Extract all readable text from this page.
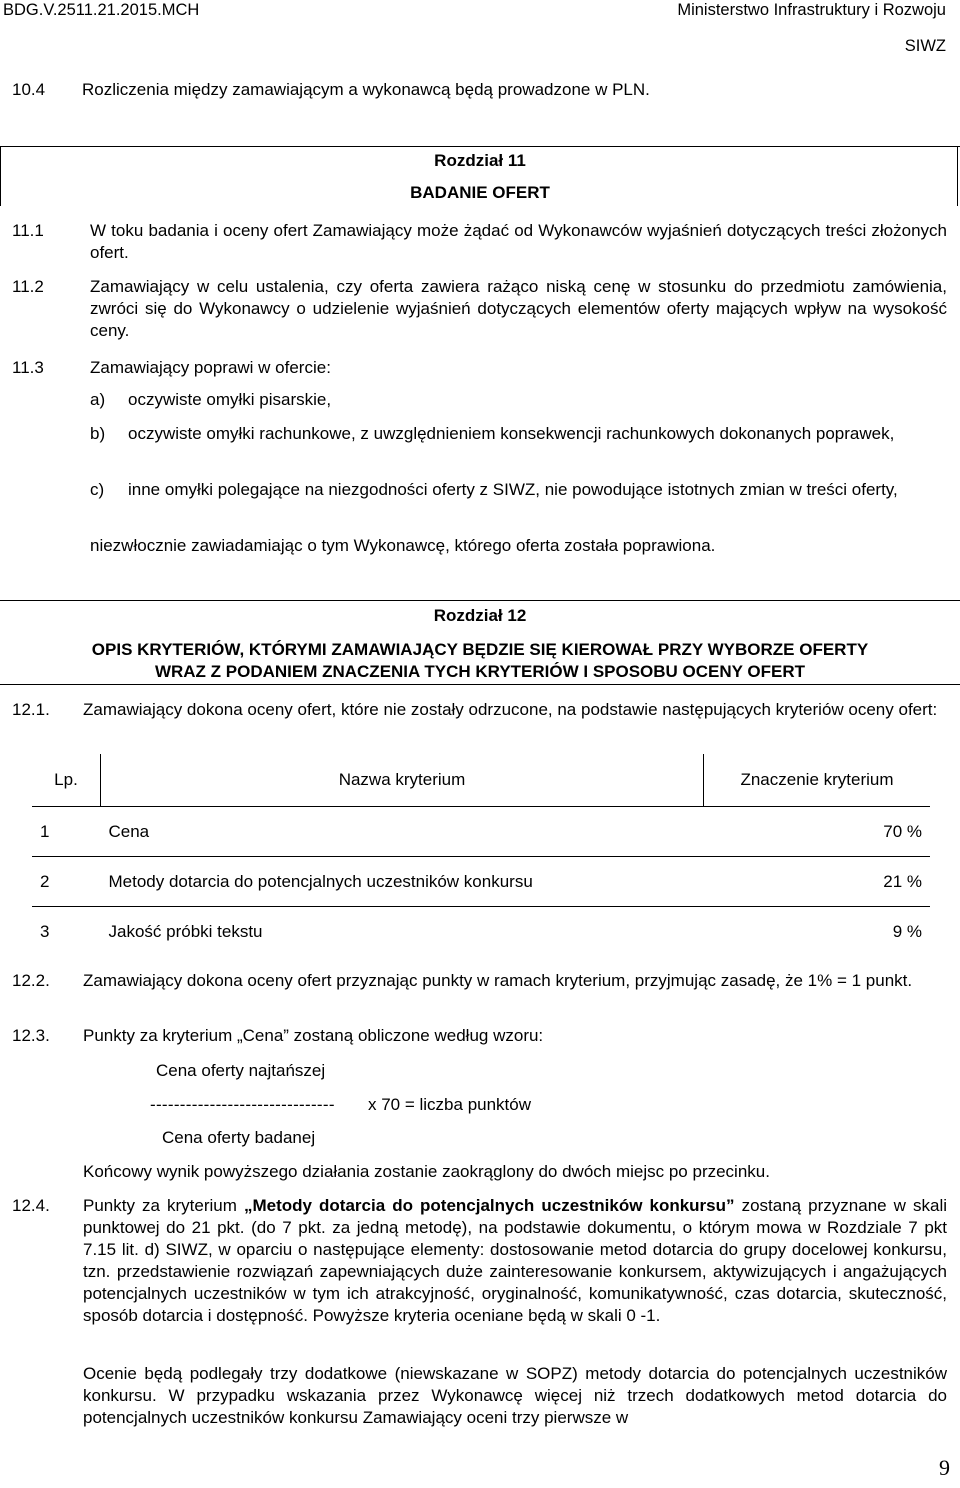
BDG.V.2511.21.2015.MCH	Ministerstwo Infrastruktury i Rozwoju
SIWZ
10.4 Rozliczenia między zamawiającym a wykonawcą będą prowadzone w PLN.
Rozdział 11
BADANIE OFERT
11.1	W toku badania i oceny ofert Zamawiający może żądać od Wykonawców wyjaśnień dotyczących treści złożonych ofert.
11.2	Zamawiający w celu ustalenia, czy oferta zawiera rażąco niską cenę w stosunku do przedmiotu zamówienia, zwróci się do Wykonawcy o udzielenie wyjaśnień dotyczących elementów oferty mających wpływ na wysokość ceny.
11.3	Zamawiający poprawi w ofercie:
a) oczywiste omyłki pisarskie,
b) oczywiste omyłki rachunkowe, z uwzględnieniem konsekwencji rachunkowych dokonanych poprawek,
c) inne omyłki polegające na niezgodności oferty z SIWZ, nie powodujące istotnych zmian w treści oferty,
niezwłocznie zawiadamiając o tym Wykonawcę, którego oferta została poprawiona.
Rozdział 12
OPIS KRYTERIÓW, KTÓRYMI ZAMAWIAJĄCY BĘDZIE SIĘ KIEROWAŁ PRZY WYBORZE OFERTY
WRAZ Z PODANIEM ZNACZENIA TYCH KRYTERIÓW I SPOSOBU OCENY OFERT
12.1. Zamawiający dokona oceny ofert, które nie zostały odrzucone, na podstawie następujących kryteriów oceny ofert:
Lp.	Nazwa kryterium	Znaczenie kryterium
1	Cena	70 %
2	Metody dotarcia do potencjalnych uczestników konkursu	21 %
3	Jakość próbki tekstu	9 %
12.2. Zamawiający dokona oceny ofert przyznając punkty w ramach kryterium, przyjmując zasadę, że 1% = 1 punkt.
12.3. Punkty za kryterium „Cena” zostaną obliczone według wzoru:
Cena oferty najtańszej
------------------------------- x 70 = liczba punktów
Cena oferty badanej
Końcowy wynik powyższego działania zostanie zaokrąglony do dwóch miejsc po przecinku.
12.4. Punkty za kryterium „Metody dotarcia do potencjalnych uczestników konkursu” zostaną przyznane w skali punktowej do 21 pkt. (do 7 pkt. za jedną metodę), na podstawie dokumentu, o którym mowa w Rozdziale 7 pkt 7.15 lit. d) SIWZ, w oparciu o następujące elementy: dostosowanie metod dotarcia do grupy docelowej konkursu, tzn. przedstawienie rozwiązań zapewniających duże zainteresowanie konkursem, aktywizujących i angażujących potencjalnych uczestników w tym ich atrakcyjność, oryginalność, komunikatywność, czas dotarcia, skuteczność, sposób dotarcia i dostępność. Powyższe kryteria oceniane będą w skali 0 -1.
Ocenie będą podlegały trzy dodatkowe (niewskazane w SOPZ) metody dotarcia do potencjalnych uczestników konkursu. W przypadku wskazania przez Wykonawcę więcej niż trzech dodatkowych metod dotarcia do potencjalnych uczestników konkursu Zamawiający oceni trzy pierwsze w
9
